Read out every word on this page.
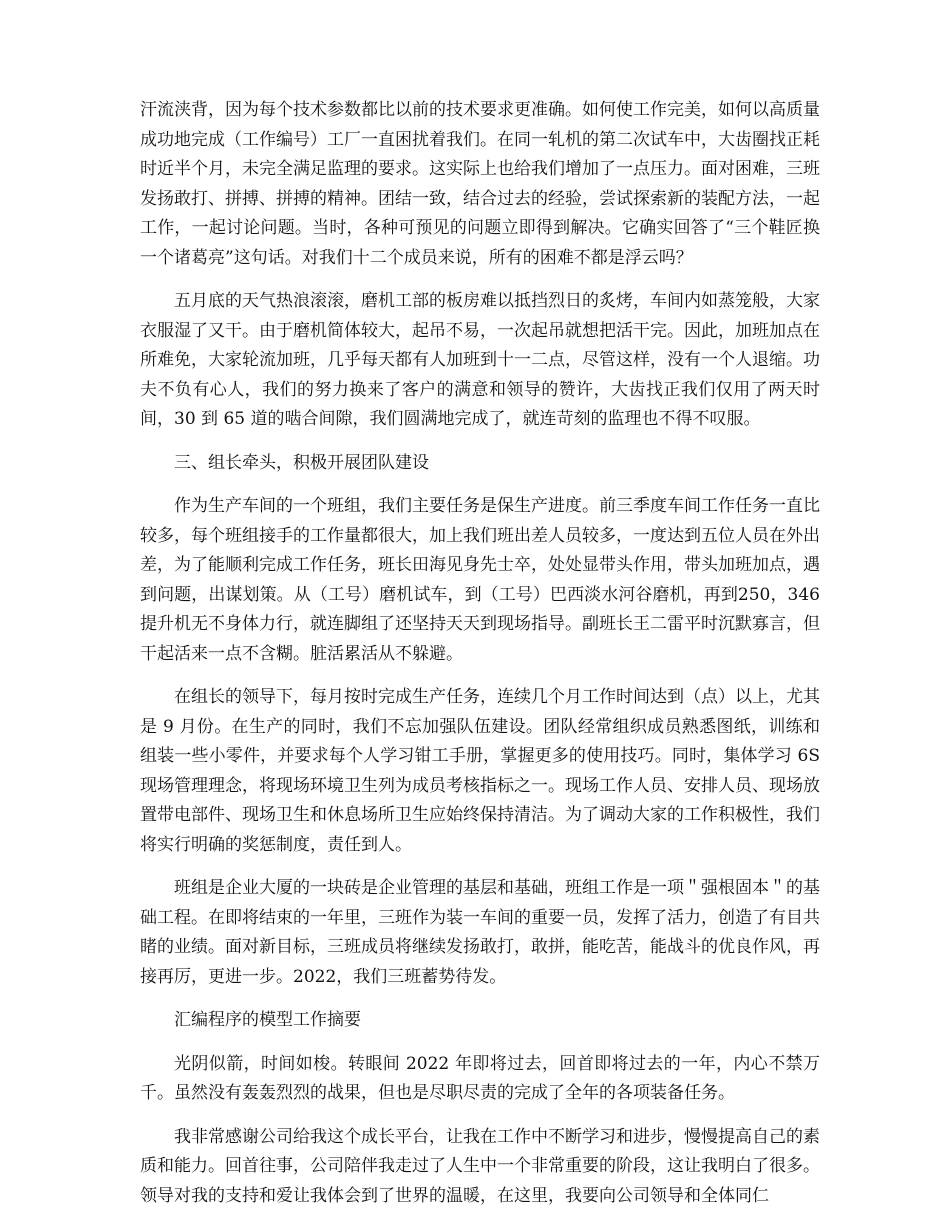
汗流浃背，因为每个技术参数都比以前的技术要求更准确。如何使工作完美，如何以高质量成功地完成（工作编号）工厂一直困扰着我们。在同一轧机的第二次试车中，大齿圈找正耗时近半个月，未完全满足监理的要求。这实际上也给我们增加了一点压力。面对困难，三班发扬敢打、拼搏、拼搏的精神。团结一致，结合过去的经验，尝试探索新的装配方法，一起工作，一起讨论问题。当时，各种可预见的问题立即得到解决。它确实回答了“三个鞋匠换一个诸葛亮”这句话。对我们十二个成员来说，所有的困难不都是浮云吗？

五月底的天气热浪滚滚，磨机工部的板房难以抵挡烈日的炙烤，车间内如蒸笼般，大家衣服湿了又干。由于磨机简体较大，起吊不易，一次起吊就想把活干完。因此，加班加点在所难免，大家轮流加班，几乎每天都有人加班到十一二点，尽管这样，没有一个人退缩。功夫不负有心人，我们的努力换来了客户的满意和领导的赞许，大齿找正我们仅用了两天时间，30 到 65 道的啮合间隙，我们圆满地完成了，就连苛刻的监理也不得不叹服。

三、组长牵头，积极开展团队建设

作为生产车间的一个班组，我们主要任务是保生产进度。前三季度车间工作任务一直比较多，每个班组接手的工作量都很大，加上我们班出差人员较多，一度达到五位人员在外出差，为了能顺利完成工作任务，班长田海见身先士卒，处处显带头作用，带头加班加点，遇到问题，出谋划策。从（工号）磨机试车，到（工号）巴西淡水河谷磨机，再到250，346 提升机无不身体力行，就连脚组了还坚持天天到现场指导。副班长王二雷平时沉默寡言，但干起活来一点不含糊。脏活累活从不躲避。

在组长的领导下，每月按时完成生产任务，连续几个月工作时间达到（点）以上，尤其是 9 月份。在生产的同时，我们不忘加强队伍建设。团队经常组织成员熟悉图纸，训练和组装一些小零件，并要求每个人学习钳工手册，掌握更多的使用技巧。同时，集体学习 6S 现场管理理念，将现场环境卫生列为成员考核指标之一。现场工作人员、安排人员、现场放置带电部件、现场卫生和休息场所卫生应始终保持清洁。为了调动大家的工作积极性，我们将实行明确的奖惩制度，责任到人。

班组是企业大厦的一块砖是企业管理的基层和基础，班组工作是一项＂强根固本＂的基础工程。在即将结束的一年里，三班作为装一车间的重要一员，发挥了活力，创造了有目共睹的业绩。面对新目标，三班成员将继续发扬敢打，敢拼，能吃苦，能战斗的优良作风，再接再厉，更进一步。2022，我们三班蓄势待发。

汇编程序的模型工作摘要

光阴似箭，时间如梭。转眼间 2022 年即将过去，回首即将过去的一年，内心不禁万千。虽然没有轰轰烈烈的战果，但也是尽职尽责的完成了全年的各项装备任务。

我非常感谢公司给我这个成长平台，让我在工作中不断学习和进步，慢慢提高自己的素质和能力。回首往事，公司陪伴我走过了人生中一个非常重要的阶段，这让我明白了很多。领导对我的支持和爱让我体会到了世界的温暖，在这里，我要向公司领导和全体同仁
